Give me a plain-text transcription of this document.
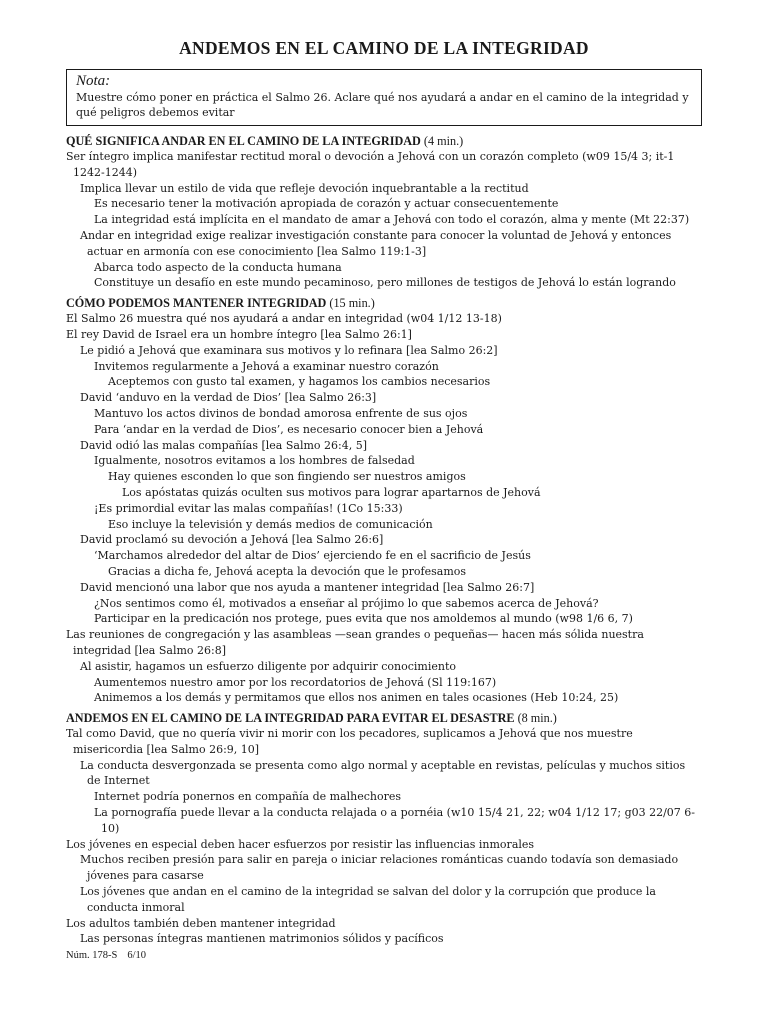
ANDEMOS EN EL CAMINO DE LA INTEGRIDAD
Nota:
Muestre cómo poner en práctica el Salmo 26. Aclare qué nos ayudará a andar en el camino de la integridad y qué peligros debemos evitar
QUÉ SIGNIFICA ANDAR EN EL CAMINO DE LA INTEGRIDAD (4 min.)
Ser íntegro implica manifestar rectitud moral o devoción a Jehová con un corazón completo (w09 15/4 3; it-1 1242-1244)
Implica llevar un estilo de vida que refleje devoción inquebrantable a la rectitud
Es necesario tener la motivación apropiada de corazón y actuar consecuentemente
La integridad está implícita en el mandato de amar a Jehová con todo el corazón, alma y mente (Mt 22:37)
Andar en integridad exige realizar investigación constante para conocer la voluntad de Jehová y entonces actuar en armonía con ese conocimiento [lea Salmo 119:1-3]
Abarca todo aspecto de la conducta humana
Constituye un desafío en este mundo pecaminoso, pero millones de testigos de Jehová lo están logrando
CÓMO PODEMOS MANTENER INTEGRIDAD (15 min.)
El Salmo 26 muestra qué nos ayudará a andar en integridad (w04 1/12 13-18)
El rey David de Israel era un hombre íntegro [lea Salmo 26:1]
Le pidió a Jehová que examinara sus motivos y lo refinara [lea Salmo 26:2]
Invitemos regularmente a Jehová a examinar nuestro corazón
Aceptemos con gusto tal examen, y hagamos los cambios necesarios
David ‘anduvo en la verdad de Dios’ [lea Salmo 26:3]
Mantuvo los actos divinos de bondad amorosa enfrente de sus ojos
Para ‘andar en la verdad de Dios’, es necesario conocer bien a Jehová
David odió las malas compañías [lea Salmo 26:4, 5]
Igualmente, nosotros evitamos a los hombres de falsedad
Hay quienes esconden lo que son fingiendo ser nuestros amigos
Los apóstatas quizás oculten sus motivos para lograr apartarnos de Jehová
¡Es primordial evitar las malas compañías! (1Co 15:33)
Eso incluye la televisión y demás medios de comunicación
David proclamó su devoción a Jehová [lea Salmo 26:6]
‘Marchamos alrededor del altar de Dios’ ejerciendo fe en el sacrificio de Jesús
Gracias a dicha fe, Jehová acepta la devoción que le profesamos
David mencionó una labor que nos ayuda a mantener integridad [lea Salmo 26:7]
¿Nos sentimos como él, motivados a enseñar al prójimo lo que sabemos acerca de Jehová?
Participar en la predicación nos protege, pues evita que nos amoldemos al mundo (w98 1/6 6, 7)
Las reuniones de congregación y las asambleas —sean grandes o pequeñas— hacen más sólida nuestra integridad [lea Salmo 26:8]
Al asistir, hagamos un esfuerzo diligente por adquirir conocimiento
Aumentemos nuestro amor por los recordatorios de Jehová (Sl 119:167)
Animemos a los demás y permitamos que ellos nos animen en tales ocasiones (Heb 10:24, 25)
ANDEMOS EN EL CAMINO DE LA INTEGRIDAD PARA EVITAR EL DESASTRE (8 min.)
Tal como David, que no quería vivir ni morir con los pecadores, suplicamos a Jehová que nos muestre misericordia [lea Salmo 26:9, 10]
La conducta desvergonzada se presenta como algo normal y aceptable en revistas, películas y muchos sitios de Internet
Internet podría ponernos en compañía de malhechores
La pornografía puede llevar a la conducta relajada o a pornéia (w10 15/4 21, 22; w04 1/12 17; g03 22/07 6-10)
Los jóvenes en especial deben hacer esfuerzos por resistir las influencias inmorales
Muchos reciben presión para salir en pareja o iniciar relaciones románticas cuando todavía son demasiado jóvenes para casarse
Los jóvenes que andan en el camino de la integridad se salvan del dolor y la corrupción que produce la conducta inmoral
Los adultos también deben mantener integridad
Las personas íntegras mantienen matrimonios sólidos y pacíficos
Núm. 178-S 6/10
